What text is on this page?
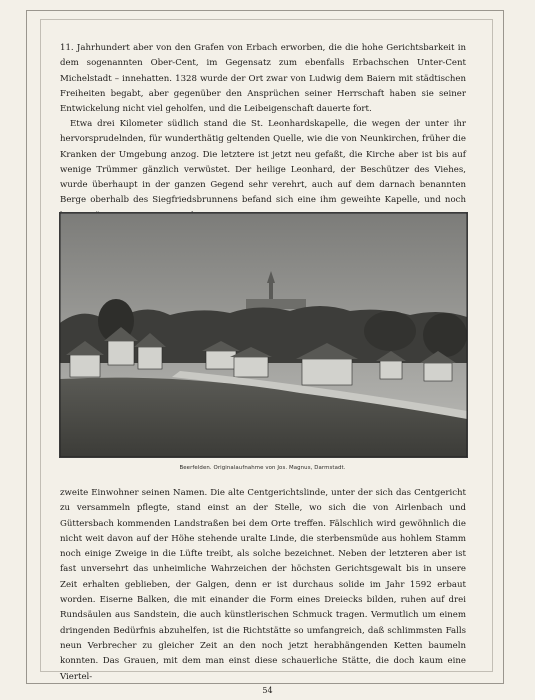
11. Jahrhundert aber von den Grafen von Erbach erworben, die die hohe Gerichtsbarkeit in dem sogenannten Ober-Cent, im Gegensatz zum ebenfalls Erbachschen Unter-Cent Michelstadt – innehatten. 1328 wurde der Ort zwar von Ludwig dem Baiern mit städtischen Freiheiten begabt, aber gegenüber den Ansprüchen seiner Herrschaft haben sie seiner Entwickelung nicht viel geholfen, und die Leibeigenschaft dauerte fort.

Etwa drei Kilometer südlich stand die St. Leonhardskapelle, die wegen der unter ihr hervorsprudelnden, für wunderthätig geltenden Quelle, wie die von Neunkirchen, früher die Kranken der Umgebung anzog. Die letztere ist jetzt neu gefaßt, die Kirche aber ist bis auf wenige Trümmer gänzlich verwüstet. Der heilige Leonhard, der Beschützer des Viehes, wurde überhaupt in der ganzen Gegend sehr verehrt, auch auf dem darnach benannten Berge oberhalb des Siegfriedsbrunnens befand sich eine ihm geweihte Kapelle, und noch

Beerfelden. Originalaufnahme von Jos. Magnus, Darmstadt.

zweite Einwohner seinen Namen. Die alte Centgerichtslinde, unter der sich das Centgericht zu versammeln pflegte, stand einst an der Stelle, wo sich die von Airlenbach und Güttersbach kommenden Landstraßen bei dem Orte treffen. Fälschlich wird gewöhnlich die nicht weit davon auf der Höhe stehende uralte Linde, die sterbensmüde aus hohlem Stamm noch einige Zweige in die Lüfte treibt, als solche bezeichnet. Neben der letzteren aber ist fast unversehrt das unheimliche Wahrzeichen der höchsten Gerichtsgewalt bis in unsere Zeit erhalten geblieben, der Galgen, denn er ist durchaus solide im Jahr 1592 erbaut worden. Eiserne Balken, die mit einander die Form eines Dreiecks bilden, ruhen auf drei Rundsäulen aus Sandstein, die auch künstlerischen Schmuck tragen. Vermutlich um einem dringenden Bedürfnis abzuhelfen, ist die Richtstätte so umfangreich, daß schlimmsten Falls neun Verbrecher zu gleicher Zeit an den noch jetzt herabhängenden Ketten baumeln konnten. Das Grauen, mit dem man einst diese schauerliche Stätte, die doch kaum eine Viertel-

54
